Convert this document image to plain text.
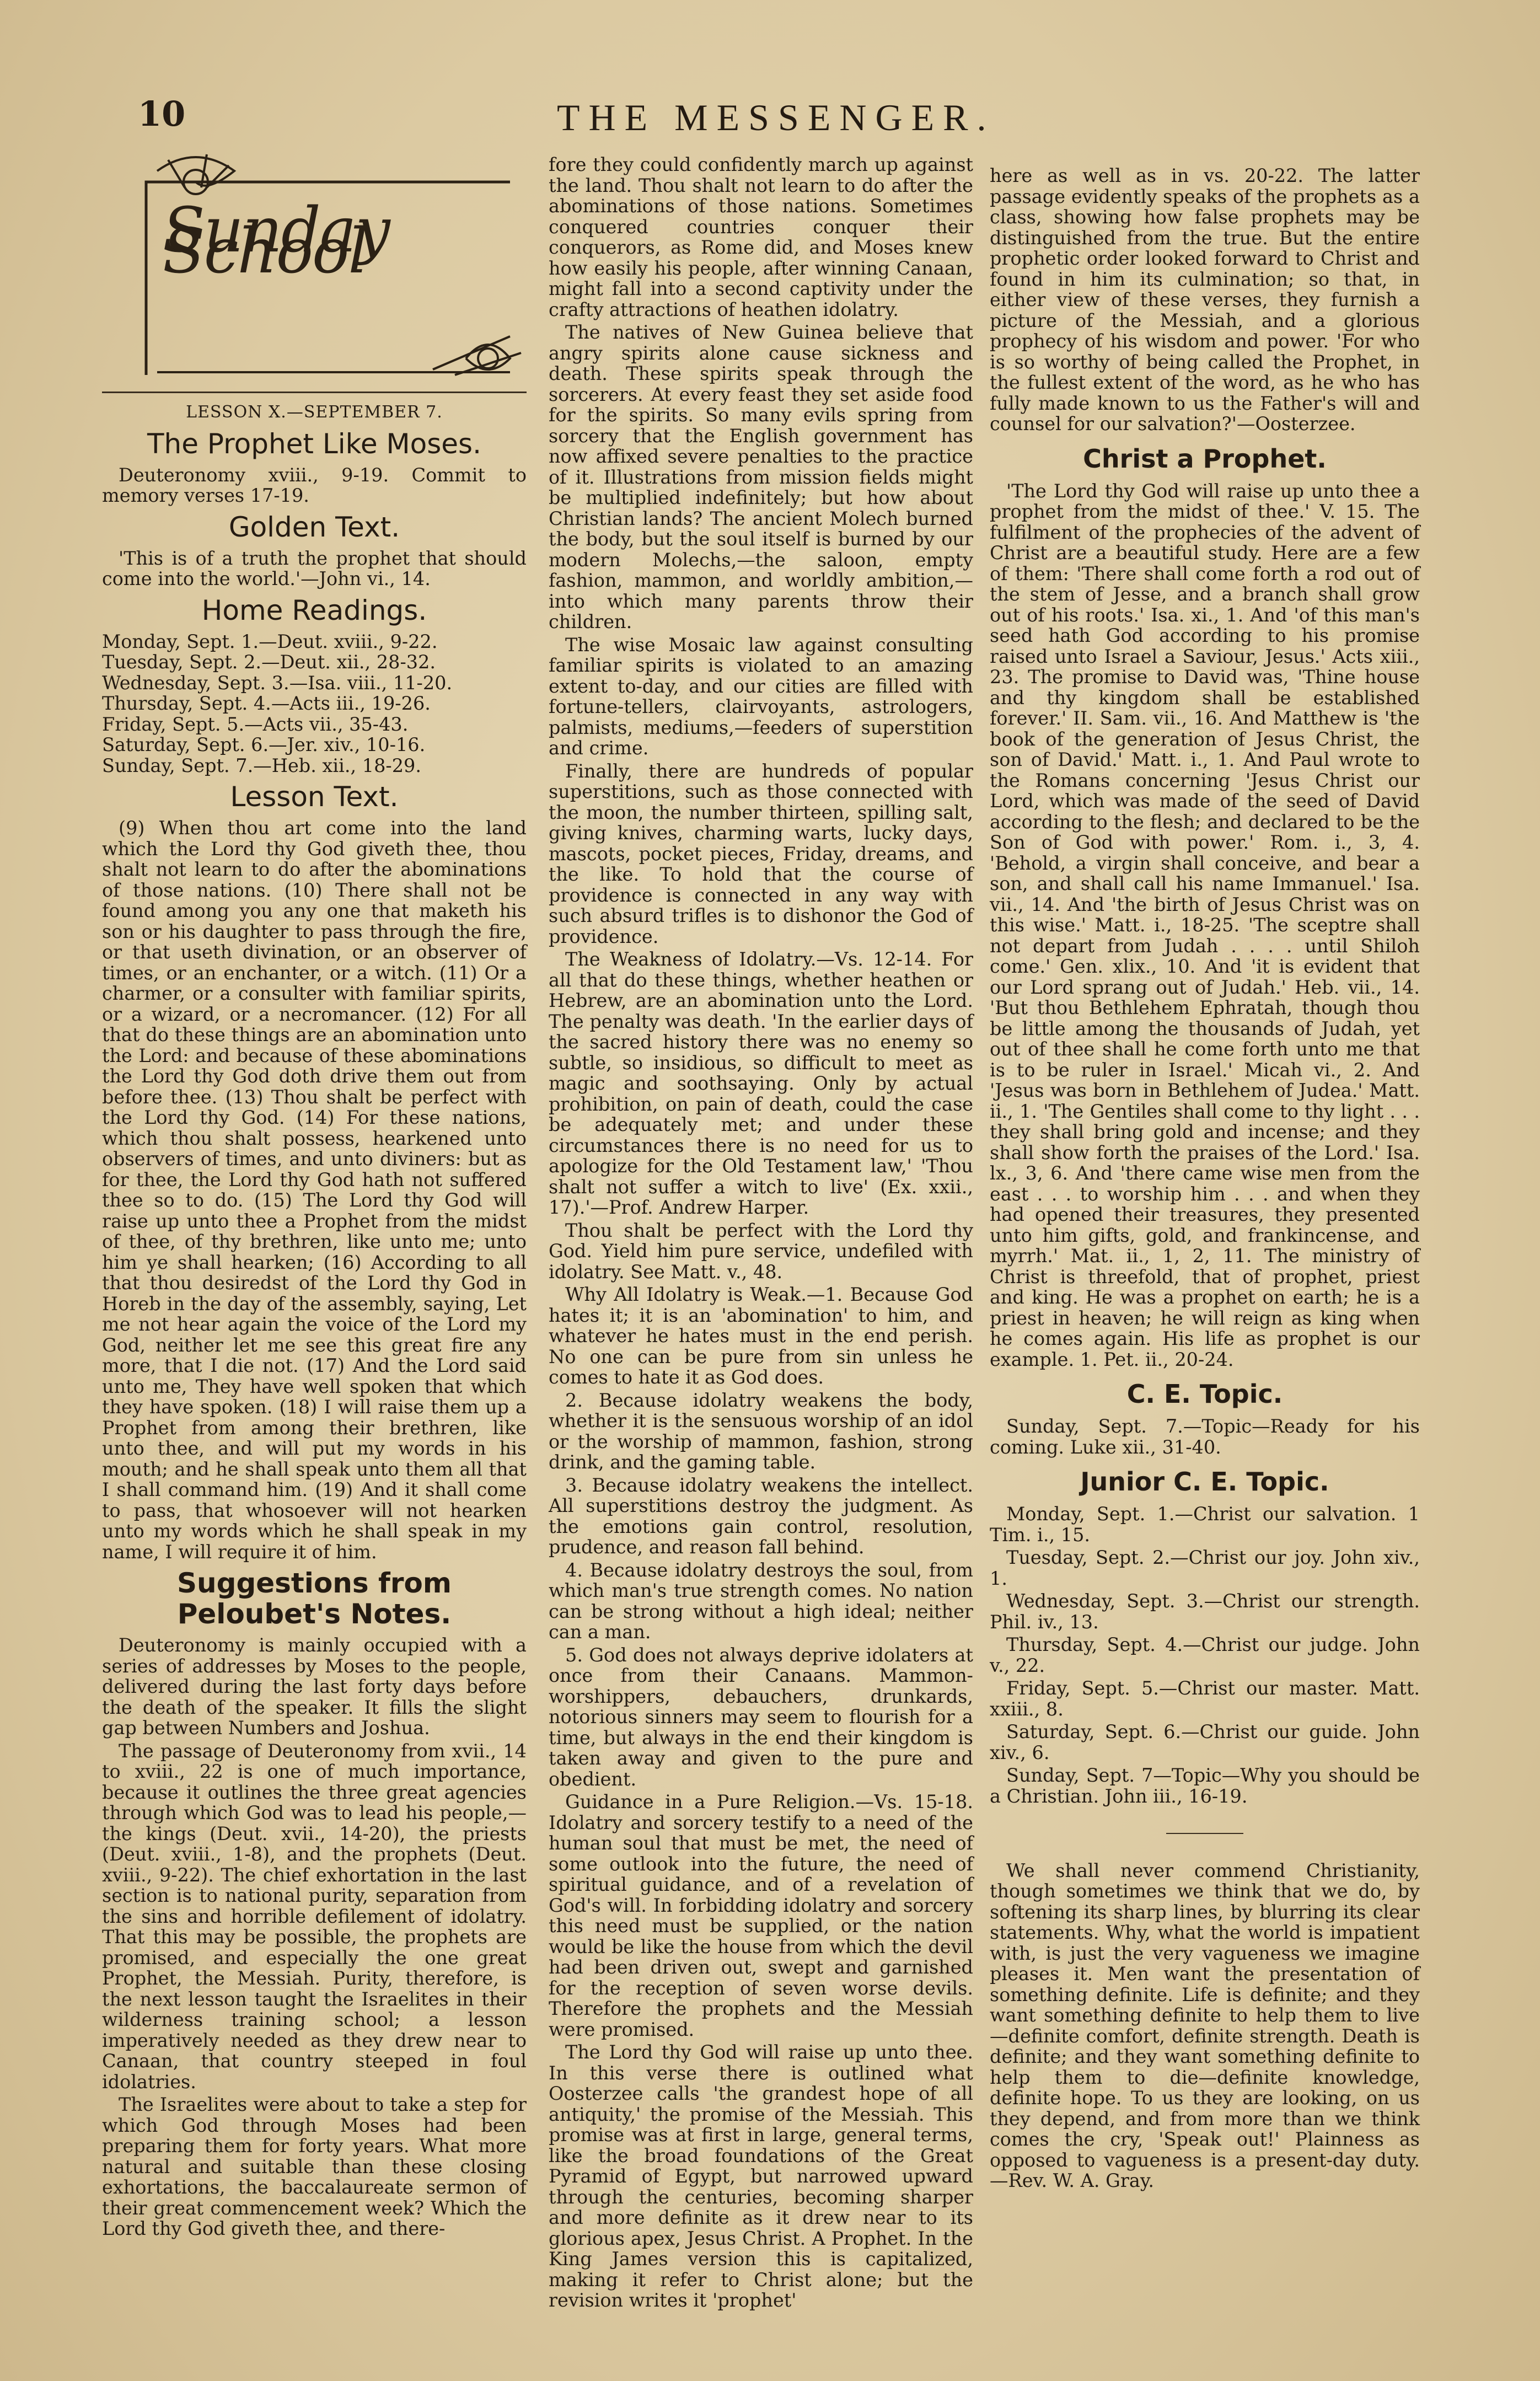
10	THE MESSENGER.
Sunday School
LESSON X.—SEPTEMBER 7.
The Prophet Like Moses.

Deuteronomy xviii., 9-19. Commit to memory verses 17-19.

Golden Text.

'This is of a truth the prophet that should come into the world.'—John vi., 14.

Home Readings.
Monday, Sept. 1.—Deut. xviii., 9-22.
Tuesday, Sept. 2.—Deut. xii., 28-32.
Wednesday, Sept. 3.—Isa. viii., 11-20.
Thursday, Sept. 4.—Acts iii., 19-26.
Friday, Sept. 5.—Acts vii., 35-43.
Saturday, Sept. 6.—Jer. xiv., 10-16.
Sunday, Sept. 7.—Heb. xii., 18-29.
Lesson Text.

(9) When thou art come into the land which the Lord thy God giveth thee, thou shalt not learn to do after the abominations of those nations. (10) There shall not be found among you any one that maketh his son or his daughter to pass through the fire, or that useth divination, or an observer of times, or an enchanter, or a witch. (11) Or a charmer, or a consulter with familiar spirits, or a wizard, or a necromancer. (12) For all that do these things are an abomination unto the Lord: and because of these abominations the Lord thy God doth drive them out from before thee. (13) Thou shalt be perfect with the Lord thy God. (14) For these nations, which thou shalt possess, hearkened unto observers of times, and unto diviners: but as for thee, the Lord thy God hath not suffered thee so to do. (15) The Lord thy God will raise up unto thee a Prophet from the midst of thee, of thy brethren, like unto me; unto him ye shall hearken; (16) According to all that thou desiredst of the Lord thy God in Horeb in the day of the assembly, saying, Let me not hear again the voice of the Lord my God, neither let me see this great fire any more, that I die not. (17) And the Lord said unto me, They have well spoken that which they have spoken. (18) I will raise them up a Prophet from among their brethren, like unto thee, and will put my words in his mouth; and he shall speak unto them all that I shall command him. (19) And it shall come to pass, that whosoever will not hearken unto my words which he shall speak in my name, I will require it of him.

Suggestions from Peloubet's Notes.

Deuteronomy is mainly occupied with a series of addresses by Moses to the people, delivered during the last forty days before the death of the speaker. It fills the slight gap between Numbers and Joshua.

The passage of Deuteronomy from xvii., 14 to xviii., 22 is one of much importance, because it outlines the three great agencies through which God was to lead his people,—the kings (Deut. xvii., 14-20), the priests (Deut. xviii., 1-8), and the prophets (Deut. xviii., 9-22). The chief exhortation in the last section is to national purity, separation from the sins and horrible defilement of idolatry. That this may be possible, the prophets are promised, and especially the one great Prophet, the Messiah. Purity, therefore, is the next lesson taught the Israelites in their wilderness training school; a lesson imperatively needed as they drew near to Canaan, that country steeped in foul idolatries.

The Israelites were about to take a step for which God through Moses had been preparing them for forty years. What more natural and suitable than these closing exhortations, the baccalaureate sermon of their great commencement week? Which the Lord thy God giveth thee, and there-

fore they could confidently march up against the land. Thou shalt not learn to do after the abominations of those nations. Sometimes conquered countries conquer their conquerors, as Rome did, and Moses knew how easily his people, after winning Canaan, might fall into a second captivity under the crafty attractions of heathen idolatry.

The natives of New Guinea believe that angry spirits alone cause sickness and death. These spirits speak through the sorcerers. At every feast they set aside food for the spirits. So many evils spring from sorcery that the English government has now affixed severe penalties to the practice of it. Illustrations from mission fields might be multiplied indefinitely; but how about Christian lands? The ancient Molech burned the body, but the soul itself is burned by our modern Molechs,—the saloon, empty fashion, mammon, and worldly ambition,—into which many parents throw their children.

The wise Mosaic law against consulting familiar spirits is violated to an amazing extent to-day, and our cities are filled with fortune-tellers, clairvoyants, astrologers, palmists, mediums,—feeders of superstition and crime.

Finally, there are hundreds of popular superstitions, such as those connected with the moon, the number thirteen, spilling salt, giving knives, charming warts, lucky days, mascots, pocket pieces, Friday, dreams, and the like. To hold that the course of providence is connected in any way with such absurd trifles is to dishonor the God of providence.

The Weakness of Idolatry.—Vs. 12-14. For all that do these things, whether heathen or Hebrew, are an abomination unto the Lord. The penalty was death. 'In the earlier days of the sacred history there was no enemy so subtle, so insidious, so difficult to meet as magic and soothsaying. Only by actual prohibition, on pain of death, could the case be adequately met; and under these circumstances there is no need for us to apologize for the Old Testament law,' 'Thou shalt not suffer a witch to live' (Ex. xxii., 17).'—Prof. Andrew Harper.

Thou shalt be perfect with the Lord thy God. Yield him pure service, undefiled with idolatry. See Matt. v., 48.

Why All Idolatry is Weak.—1. Because God hates it; it is an 'abomination' to him, and whatever he hates must in the end perish. No one can be pure from sin unless he comes to hate it as God does.

2. Because idolatry weakens the body, whether it is the sensuous worship of an idol or the worship of mammon, fashion, strong drink, and the gaming table.

3. Because idolatry weakens the intellect. All superstitions destroy the judgment. As the emotions gain control, resolution, prudence, and reason fall behind.

4. Because idolatry destroys the soul, from which man's true strength comes. No nation can be strong without a high ideal; neither can a man.

5. God does not always deprive idolaters at once from their Canaans. Mammon-worshippers, debauchers, drunkards, notorious sinners may seem to flourish for a time, but always in the end their kingdom is taken away and given to the pure and obedient.

Guidance in a Pure Religion.—Vs. 15-18. Idolatry and sorcery testify to a need of the human soul that must be met, the need of some outlook into the future, the need of spiritual guidance, and of a revelation of God's will. In forbidding idolatry and sorcery this need must be supplied, or the nation would be like the house from which the devil had been driven out, swept and garnished for the reception of seven worse devils. Therefore the prophets and the Messiah were promised.

The Lord thy God will raise up unto thee. In this verse there is outlined what Oosterzee calls 'the grandest hope of all antiquity,' the promise of the Messiah. This promise was at first in large, general terms, like the broad foundations of the Great Pyramid of Egypt, but narrowed upward through the centuries, becoming sharper and more definite as it drew near to its glorious apex, Jesus Christ. A Prophet. In the King James version this is capitalized, making it refer to Christ alone; but the revision writes it 'prophet'

here as well as in vs. 20-22. The latter passage evidently speaks of the prophets as a class, showing how false prophets may be distinguished from the true. But the entire prophetic order looked forward to Christ and found in him its culmination; so that, in either view of these verses, they furnish a picture of the Messiah, and a glorious prophecy of his wisdom and power. 'For who is so worthy of being called the Prophet, in the fullest extent of the word, as he who has fully made known to us the Father's will and counsel for our salvation?'—Oosterzee.

Christ a Prophet.

'The Lord thy God will raise up unto thee a prophet from the midst of thee.' V. 15. The fulfilment of the prophecies of the advent of Christ are a beautiful study. Here are a few of them: 'There shall come forth a rod out of the stem of Jesse, and a branch shall grow out of his roots.' Isa. xi., 1. And 'of this man's seed hath God according to his promise raised unto Israel a Saviour, Jesus.' Acts xiii., 23. The promise to David was, 'Thine house and thy kingdom shall be established forever.' II. Sam. vii., 16. And Matthew is 'the book of the generation of Jesus Christ, the son of David.' Matt. i., 1. And Paul wrote to the Romans concerning 'Jesus Christ our Lord, which was made of the seed of David according to the flesh; and declared to be the Son of God with power.' Rom. i., 3, 4. 'Behold, a virgin shall conceive, and bear a son, and shall call his name Immanuel.' Isa. vii., 14. And 'the birth of Jesus Christ was on this wise.' Matt. i., 18-25. 'The sceptre shall not depart from Judah . . . . until Shiloh come.' Gen. xlix., 10. And 'it is evident that our Lord sprang out of Judah.' Heb. vii., 14. 'But thou Bethlehem Ephratah, though thou be little among the thousands of Judah, yet out of thee shall he come forth unto me that is to be ruler in Israel.' Micah vi., 2. And 'Jesus was born in Bethlehem of Judea.' Matt. ii., 1. 'The Gentiles shall come to thy light . . . they shall bring gold and incense; and they shall show forth the praises of the Lord.' Isa. lx., 3, 6. And 'there came wise men from the east . . . to worship him . . . and when they had opened their treasures, they presented unto him gifts, gold, and frankincense, and myrrh.' Mat. ii., 1, 2, 11. The ministry of Christ is threefold, that of prophet, priest and king. He was a prophet on earth; he is a priest in heaven; he will reign as king when he comes again. His life as prophet is our example. 1. Pet. ii., 20-24.

C. E. Topic.

Sunday, Sept. 7.—Topic—Ready for his coming. Luke xii., 31-40.

Junior C. E. Topic.

Monday, Sept. 1.—Christ our salvation. 1 Tim. i., 15.

Tuesday, Sept. 2.—Christ our joy. John xiv., 1.

Wednesday, Sept. 3.—Christ our strength. Phil. iv., 13.

Thursday, Sept. 4.—Christ our judge. John v., 22.

Friday, Sept. 5.—Christ our master. Matt. xxiii., 8.

Saturday, Sept. 6.—Christ our guide. John xiv., 6.

Sunday, Sept. 7—Topic—Why you should be a Christian. John iii., 16-19.

We shall never commend Christianity, though sometimes we think that we do, by softening its sharp lines, by blurring its clear statements. Why, what the world is impatient with, is just the very vagueness we imagine pleases it. Men want the presentation of something definite. Life is definite; and they want something definite to help them to live—definite comfort, definite strength. Death is definite; and they want something definite to help them to die—definite knowledge, definite hope. To us they are looking, on us they depend, and from more than we think comes the cry, 'Speak out!' Plainness as opposed to vagueness is a present-day duty.—Rev. W. A. Gray.
